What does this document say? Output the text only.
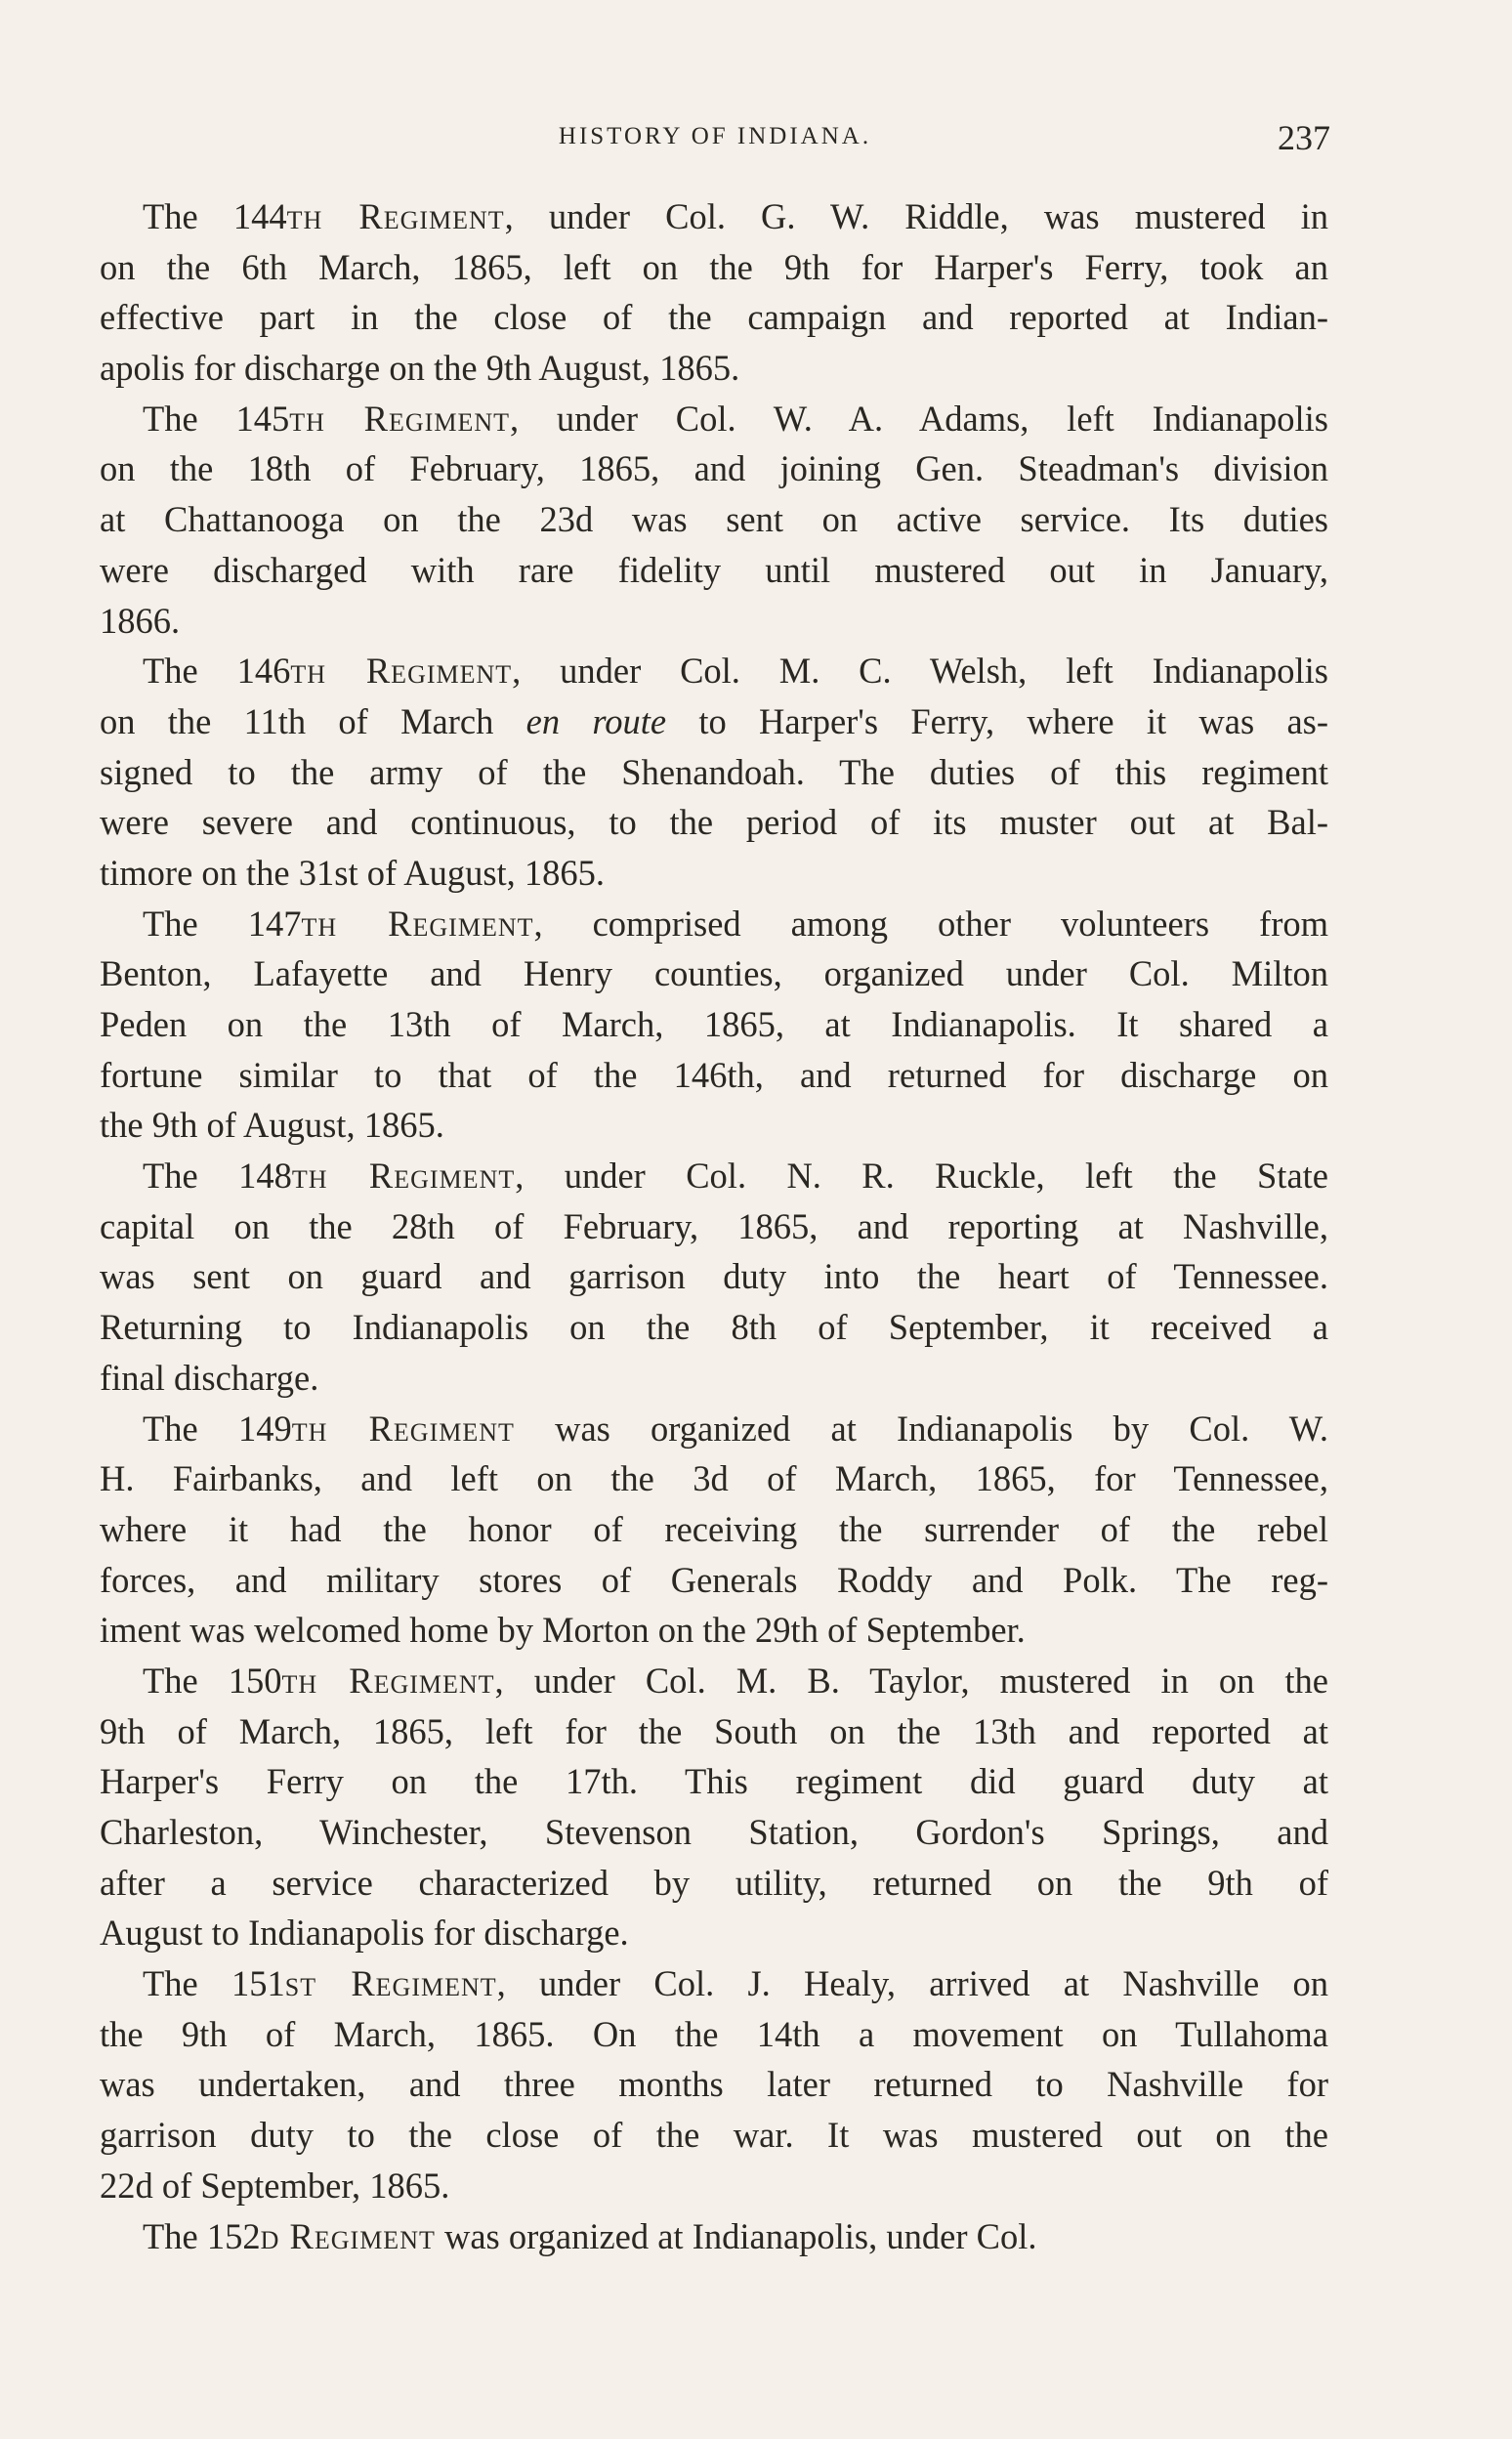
HISTORY OF INDIANA.	237
The 144th Regiment, under Col. G. W. Riddle, was mustered in
on the 6th March, 1865, left on the 9th for Harper's Ferry, took an
effective part in the close of the campaign and reported at Indian-
apolis for discharge on the 9th August, 1865.
The 145th Regiment, under Col. W. A. Adams, left Indianapolis
on the 18th of February, 1865, and joining Gen. Steadman's division
at Chattanooga on the 23d was sent on active service. Its duties
were discharged with rare fidelity until mustered out in January,
1866.
The 146th Regiment, under Col. M. C. Welsh, left Indianapolis
on the 11th of March en route to Harper's Ferry, where it was as-
signed to the army of the Shenandoah. The duties of this regiment
were severe and continuous, to the period of its muster out at Bal-
timore on the 31st of August, 1865.
The 147th Regiment, comprised among other volunteers from
Benton, Lafayette and Henry counties, organized under Col. Milton
Peden on the 13th of March, 1865, at Indianapolis. It shared a
fortune similar to that of the 146th, and returned for discharge on
the 9th of August, 1865.
The 148th Regiment, under Col. N. R. Ruckle, left the State
capital on the 28th of February, 1865, and reporting at Nashville,
was sent on guard and garrison duty into the heart of Tennessee.
Returning to Indianapolis on the 8th of September, it received a
final discharge.
The 149th Regiment was organized at Indianapolis by Col. W.
H. Fairbanks, and left on the 3d of March, 1865, for Tennessee,
where it had the honor of receiving the surrender of the rebel
forces, and military stores of Generals Roddy and Polk. The reg-
iment was welcomed home by Morton on the 29th of September.
The 150th Regiment, under Col. M. B. Taylor, mustered in on the
9th of March, 1865, left for the South on the 13th and reported at
Harper's Ferry on the 17th. This regiment did guard duty at
Charleston, Winchester, Stevenson Station, Gordon's Springs, and
after a service characterized by utility, returned on the 9th of
August to Indianapolis for discharge.
The 151st Regiment, under Col. J. Healy, arrived at Nashville on
the 9th of March, 1865. On the 14th a movement on Tullahoma
was undertaken, and three months later returned to Nashville for
garrison duty to the close of the war. It was mustered out on the
22d of September, 1865.
The 152d Regiment was organized at Indianapolis, under Col.
